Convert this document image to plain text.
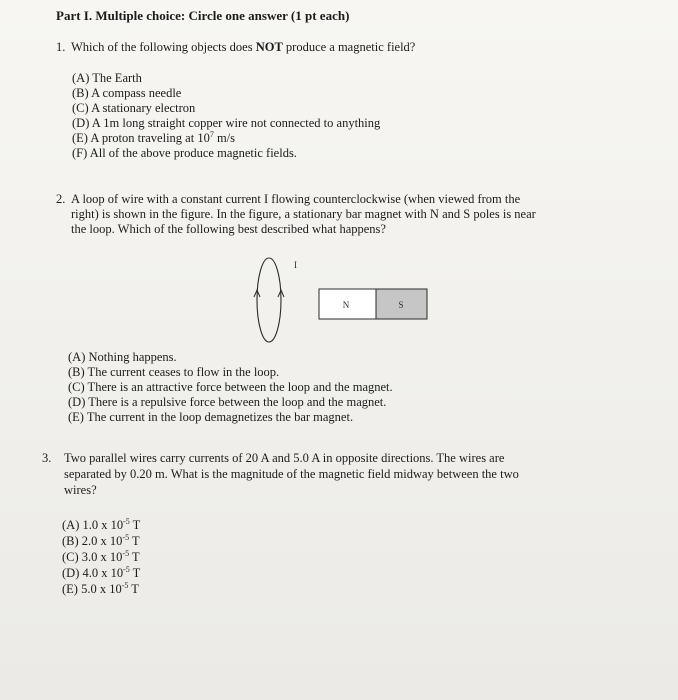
Part I. Multiple choice: Circle one answer (1 pt each)
1. Which of the following objects does NOT produce a magnetic field?
(A) The Earth
(B) A compass needle
(C) A stationary electron
(D) A 1m long straight copper wire not connected to anything
(E) A proton traveling at $10^7$ m/s
(F) All of the above produce magnetic fields.
2. A loop of wire with a constant current I flowing counterclockwise (when viewed from the
right) is shown in the figure. In the figure, a stationary bar magnet with N and S poles is near
the loop. Which of the following best described what happens?
I
N	S
(A) Nothing happens.
(B) The current ceases to flow in the loop.
(C) There is an attractive force between the loop and the magnet.
(D) There is a repulsive force between the loop and the magnet.
(E) The current in the loop demagnetizes the bar magnet.
3. Two parallel wires carry currents of 20 A and 5.0 A in opposite directions. The wires are
separated by 0.20 m. What is the magnitude of the magnetic field midway between the two
wires?
(A) 1.0 x $10^{-5}$ T
(B) 2.0 x $10^{-5}$ T
(C) 3.0 x $10^{-5}$ T
(D) 4.0 x $10^{-5}$ T
(E) 5.0 x $10^{-5}$ T
